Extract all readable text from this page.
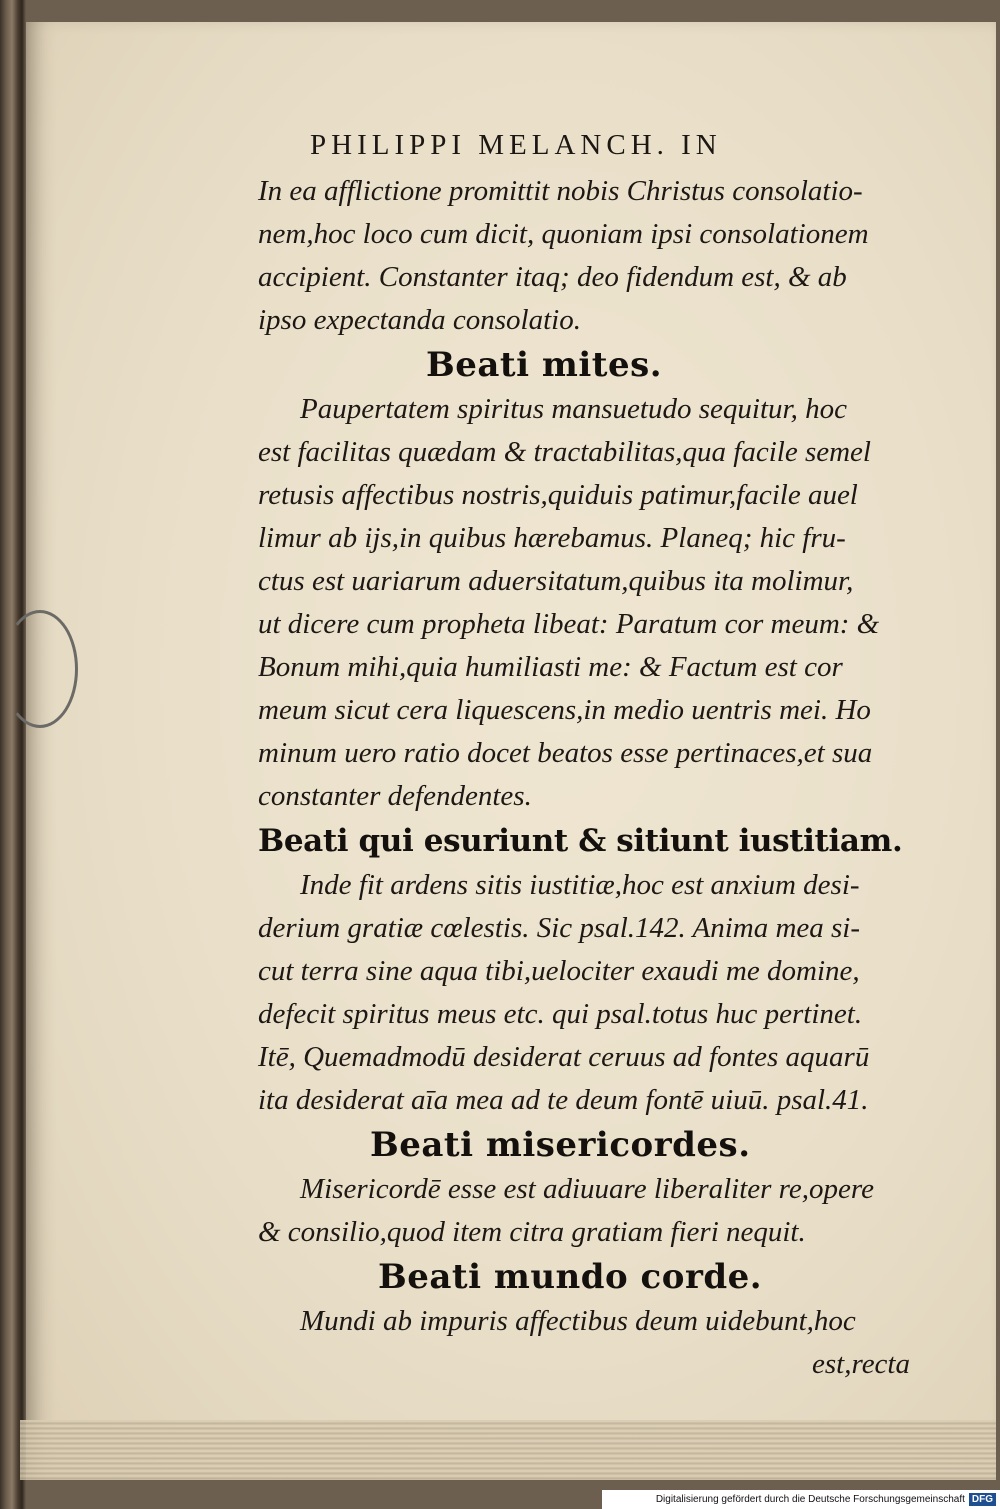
PHILIPPI MELANCH. IN
In ea afflictione promittit nobis Christus consolatio-
nem,hoc loco cum dicit, quoniam ipsi consolationem
accipient. Constanter itaq; deo fidendum est, & ab
ipso expectanda consolatio.
Beati mites.
Paupertatem spiritus mansuetudo sequitur, hoc
est facilitas quædam & tractabilitas,qua facile semel
retusis affectibus nostris,quiduis patimur,facile auel
limur ab ijs,in quibus hærebamus. Planeq; hic fru-
ctus est uariarum aduersitatum,quibus ita molimur,
ut dicere cum propheta libeat: Paratum cor meum: &
Bonum mihi,quia humiliasti me: & Factum est cor
meum sicut cera liquescens,in medio uentris mei. Ho
minum uero ratio docet beatos esse pertinaces,et sua
constanter defendentes.
Beati qui esuriunt & sitiunt iustitiam.
Inde fit ardens sitis iustitiæ,hoc est anxium desi-
derium gratiæ cœlestis. Sic psal.142. Anima mea si-
cut terra sine aqua tibi,uelociter exaudi me domine,
defecit spiritus meus etc. qui psal.totus huc pertinet.
Itē, Quemadmodū desiderat ceruus ad fontes aquarū
ita desiderat aīa mea ad te deum fontē uiuū. psal.41.
Beati misericordes.
Misericordē esse est adiuuare liberaliter re,opere
& consilio,quod item citra gratiam fieri nequit.
Beati mundo corde.
Mundi ab impuris affectibus deum uidebunt,hoc
est,recta
Digitalisierung gefördert durch die Deutsche Forschungsgemeinschaft DFG
